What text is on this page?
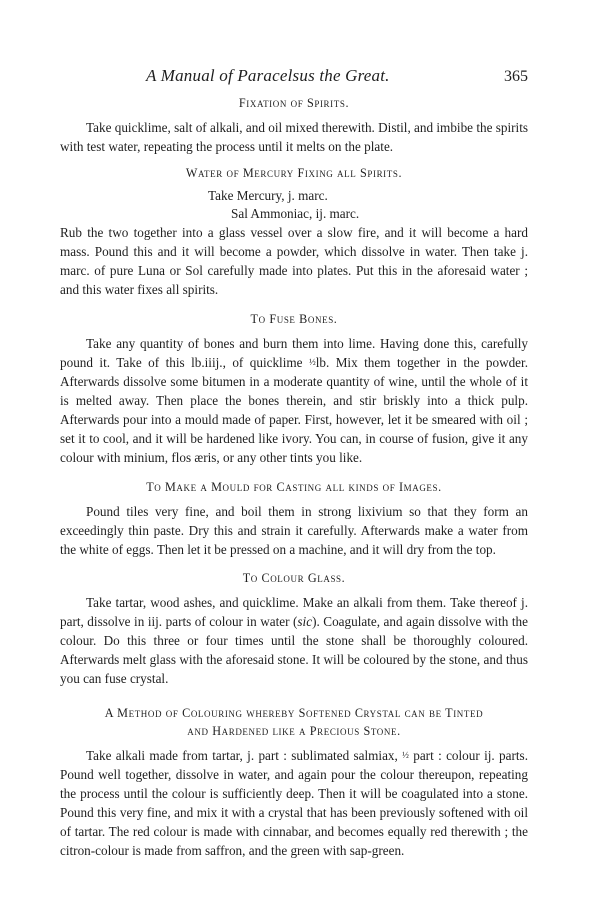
A Manual of Paracelsus the Great.	365
Fixation of Spirits.

Take quicklime, salt of alkali, and oil mixed therewith. Distil, and imbibe the spirits with test water, repeating the process until it melts on the plate.

Water of Mercury Fixing all Spirits.
Take Mercury, j. marc.
Sal Ammoniac, ij. marc.

Rub the two together into a glass vessel over a slow fire, and it will become a hard mass. Pound this and it will become a powder, which dissolve in water. Then take j. marc. of pure Luna or Sol carefully made into plates. Put this in the aforesaid water ; and this water fixes all spirits.

To Fuse Bones.

Take any quantity of bones and burn them into lime. Having done this, carefully pound it. Take of this lb.iiij., of quicklime ½lb. Mix them together in the powder. Afterwards dissolve some bitumen in a moderate quantity of wine, until the whole of it is melted away. Then place the bones therein, and stir briskly into a thick pulp. Afterwards pour into a mould made of paper. First, however, let it be smeared with oil ; set it to cool, and it will be hardened like ivory. You can, in course of fusion, give it any colour with minium, flos æris, or any other tints you like.

To Make a Mould for Casting all kinds of Images.

Pound tiles very fine, and boil them in strong lixivium so that they form an exceedingly thin paste. Dry this and strain it carefully. Afterwards make a water from the white of eggs. Then let it be pressed on a machine, and it will dry from the top.

To Colour Glass.

Take tartar, wood ashes, and quicklime. Make an alkali from them. Take thereof j. part, dissolve in iij. parts of colour in water (sic). Coagulate, and again dissolve with the colour. Do this three or four times until the stone shall be thoroughly coloured. Afterwards melt glass with the aforesaid stone. It will be coloured by the stone, and thus you can fuse crystal.

A Method of Colouring whereby Softened Crystal can be Tinted
and Hardened like a Precious Stone.

Take alkali made from tartar, j. part : sublimated salmiax, ½ part : colour ij. parts. Pound well together, dissolve in water, and again pour the colour thereupon, repeating the process until the colour is sufficiently deep. Then it will be coagulated into a stone. Pound this very fine, and mix it with a crystal that has been previously softened with oil of tartar. The red colour is made with cinnabar, and becomes equally red therewith ; the citron-colour is made from saffron, and the green with sap-green.
